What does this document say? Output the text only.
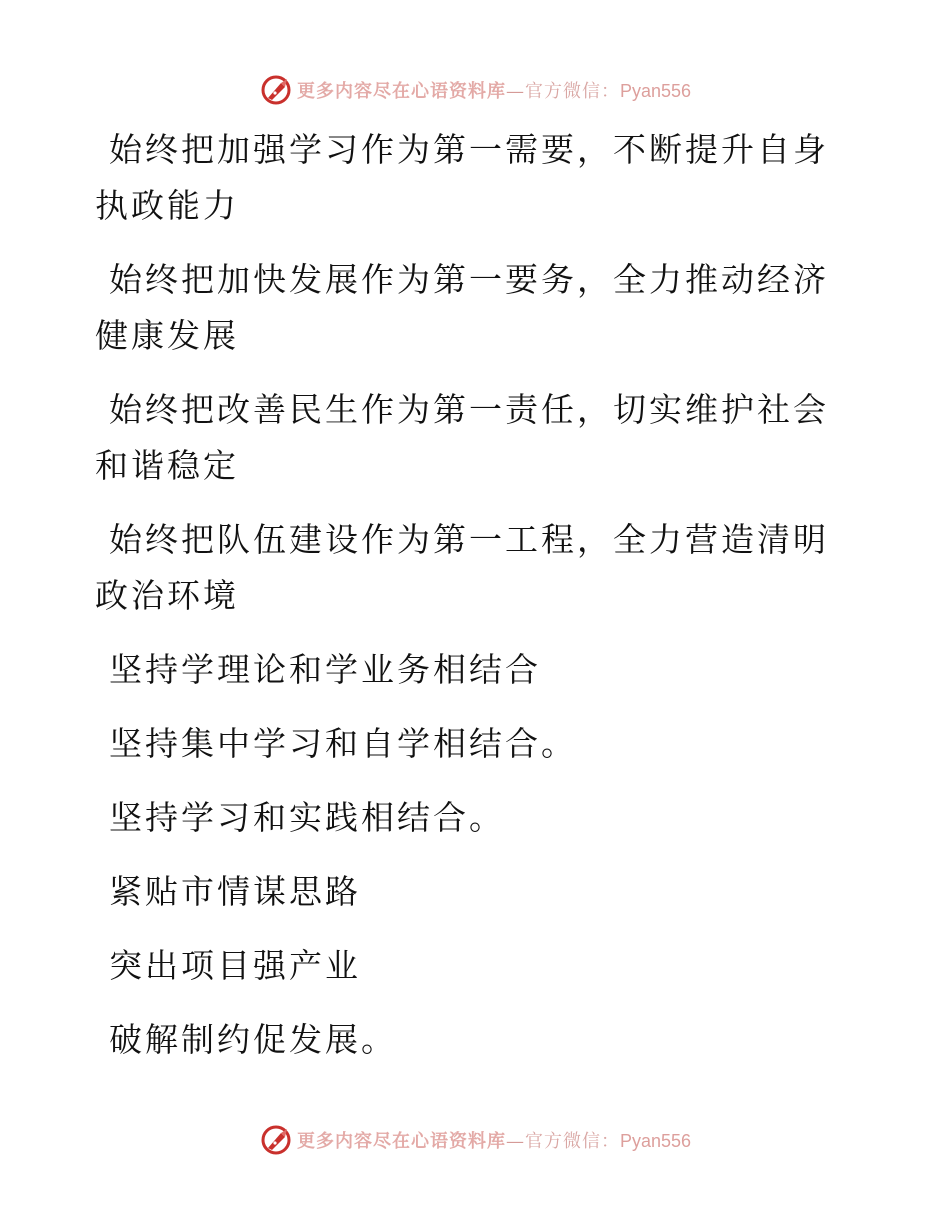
更多内容尽在心语资料库—官方微信：Pyan556

始终把加强学习作为第一需要，不断提升自身执政能力

始终把加快发展作为第一要务，全力推动经济健康发展

始终把改善民生作为第一责任，切实维护社会和谐稳定

始终把队伍建设作为第一工程，全力营造清明政治环境

坚持学理论和学业务相结合

坚持集中学习和自学相结合。

坚持学习和实践相结合。

紧贴市情谋思路

突出项目强产业

破解制约促发展。

更多内容尽在心语资料库—官方微信：Pyan556
